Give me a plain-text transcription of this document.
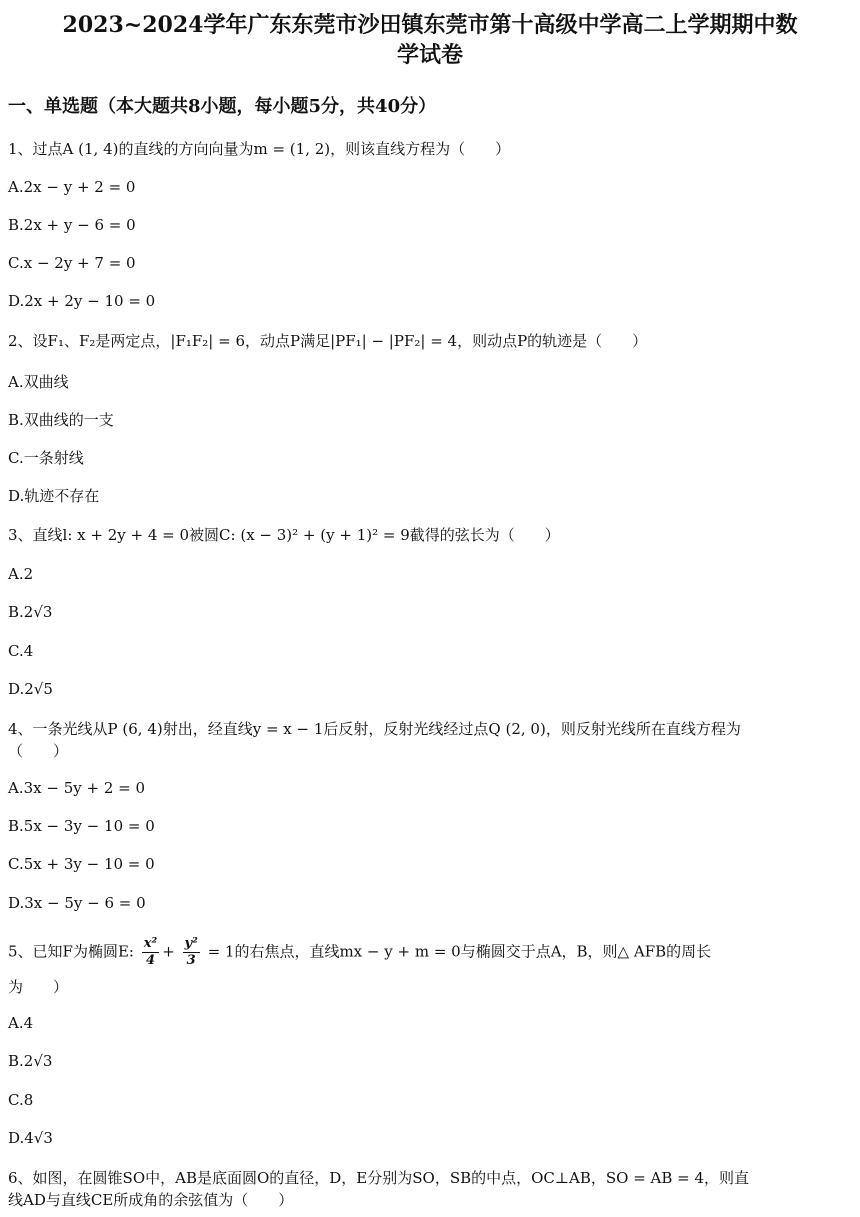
2023~2024学年广东东莞市沙田镇东莞市第十高级中学高二上学期期中数
学试卷
一、单选题（本大题共8小题，每小题5分，共40分）
1、过点A (1, 4)的直线的方向向量为m = (1, 2)，则该直线方程为（　　）
A.2x − y + 2 = 0
B.2x + y − 6 = 0
C.x − 2y + 7 = 0
D.2x + 2y − 10 = 0
2、设F₁、F₂是两定点，|F₁F₂| = 6，动点P满足|PF₁| − |PF₂| = 4，则动点P的轨迹是（　　）
A.双曲线
B.双曲线的一支
C.一条射线
D.轨迹不存在
3、直线l: x + 2y + 4 = 0被圆C: (x − 3)² + (y + 1)² = 9截得的弦长为（　　）
A.2
B.2√3
C.4
D.2√5
4、一条光线从P (6, 4)射出，经直线y = x − 1后反射，反射光线经过点Q (2, 0)，则反射光线所在直线方程为
（　　）
A.3x − 5y + 2 = 0
B.5x − 3y − 10 = 0
C.5x + 3y − 10 = 0
D.3x − 5y − 6 = 0
5、已知F为椭圆E: $\frac{\text{x²}}{4} + \frac{\text{y²}}{3} = 1$的右焦点，直线mx − y + m = 0与椭圆交于点A，B，则△ AFB的周长
为　　）
A.4
B.2√3
C.8
D.4√3
6、如图，在圆锥SO中，AB是底面圆O的直径，D，E分别为SO，SB的中点，OC⊥AB，SO = AB = 4，则直
线AD与直线CE所成角的余弦值为（　　）
